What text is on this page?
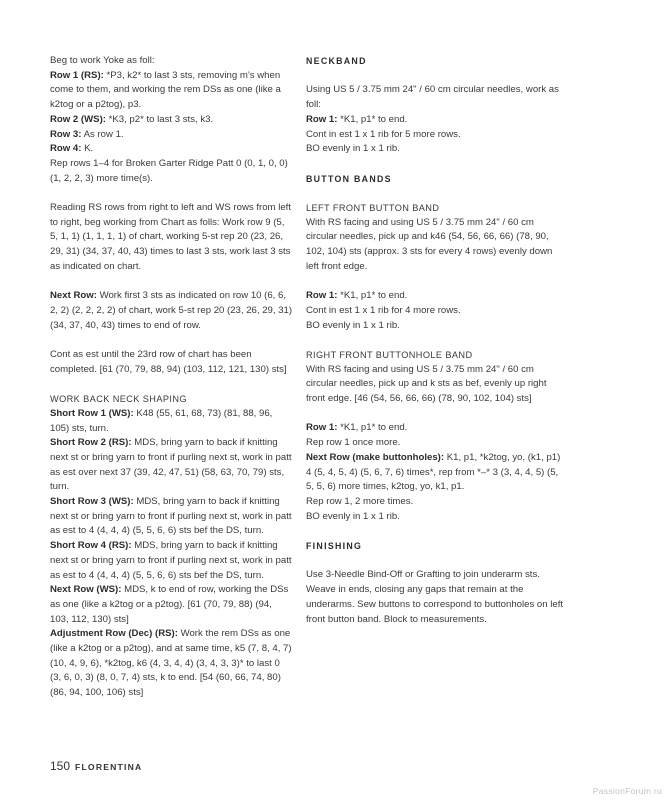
Beg to work Yoke as foll:

Row 1 (RS): *P3, k2* to last 3 sts, removing m’s when come to them, and working the rem DSs as one (like a k2tog or a p2tog), p3.

Row 2 (WS): *K3, p2* to last 3 sts, k3.

Row 3: As row 1.

Row 4: K.

Rep rows 1–4 for Broken Garter Ridge Patt 0 (0, 1, 0, 0) (1, 2, 2, 3) more time(s).

Reading RS rows from right to left and WS rows from left to right, beg working from Chart as folls: Work row 9 (5, 5, 1, 1) (1, 1, 1, 1) of chart, working 5-st rep 20 (23, 26, 29, 31) (34, 37, 40, 43) times to last 3 sts, work last 3 sts as indicated on chart.

Next Row: Work first 3 sts as indicated on row 10 (6, 6, 2, 2) (2, 2, 2, 2) of chart, work 5-st rep 20 (23, 26, 29, 31) (34, 37, 40, 43) times to end of row.

Cont as est until the 23rd row of chart has been completed. [61 (70, 79, 88, 94) (103, 112, 121, 130) sts]

WORK BACK NECK SHAPING

Short Row 1 (WS): K48 (55, 61, 68, 73) (81, 88, 96, 105) sts, turn.

Short Row 2 (RS): MDS, bring yarn to back if knitting next st or bring yarn to front if purling next st, work in patt as est over next 37 (39, 42, 47, 51) (58, 63, 70, 79) sts, turn.

Short Row 3 (WS): MDS, bring yarn to back if knitting next st or bring yarn to front if purling next st, work in patt as est to 4 (4, 4, 4) (5, 5, 6, 6) sts bef the DS, turn.

Short Row 4 (RS): MDS, bring yarn to back if knitting next st or bring yarn to front if purling next st, work in patt as est to 4 (4, 4, 4) (5, 5, 6, 6) sts bef the DS, turn.

Next Row (WS): MDS, k to end of row, working the DSs as one (like a k2tog or a p2tog). [61 (70, 79, 88) (94, 103, 112, 130) sts]

Adjustment Row (Dec) (RS): Work the rem DSs as one (like a k2tog or a p2tog), and at same time, k5 (7, 8, 4, 7) (10, 4, 9, 6), *k2tog, k6 (4, 3, 4, 4) (3, 4, 3, 3)* to last 0 (3, 6, 0, 3) (8, 0, 7, 4) sts, k to end. [54 (60, 66, 74, 80) (86, 94, 100, 106) sts]

NECKBAND

Using US 5 / 3.75 mm 24" / 60 cm circular needles, work as foll:

Row 1: *K1, p1* to end.

Cont in est 1 x 1 rib for 5 more rows.

BO evenly in 1 x 1 rib.

BUTTON BANDS

LEFT FRONT BUTTON BAND

With RS facing and using US 5 / 3.75 mm 24" / 60 cm circular needles, pick up and k46 (54, 56, 66, 66) (78, 90, 102, 104) sts (approx. 3 sts for every 4 rows) evenly down left front edge.

Row 1: *K1, p1* to end.

Cont in est 1 x 1 rib for 4 more rows.

BO evenly in 1 x 1 rib.

RIGHT FRONT BUTTONHOLE BAND

With RS facing and using US 5 / 3.75 mm 24" / 60 cm circular needles, pick up and k sts as bef, evenly up right front edge. [46 (54, 56, 66, 66) (78, 90, 102, 104) sts]

Row 1: *K1, p1* to end.

Rep row 1 once more.

Next Row (make buttonholes): K1, p1, *k2tog, yo, (k1, p1) 4 (5, 4, 5, 4) (5, 6, 7, 6) times*, rep from *–* 3 (3, 4, 4, 5) (5, 5, 5, 6) more times, k2tog, yo, k1, p1.

Rep row 1, 2 more times.

BO evenly in 1 x 1 rib.

FINISHING

Use 3-Needle Bind-Off or Grafting to join underarm sts. Weave in ends, closing any gaps that remain at the underarms. Sew buttons to correspond to buttonholes on left front button band. Block to measurements.

150 FLORENTINA
PassionForum.ru
